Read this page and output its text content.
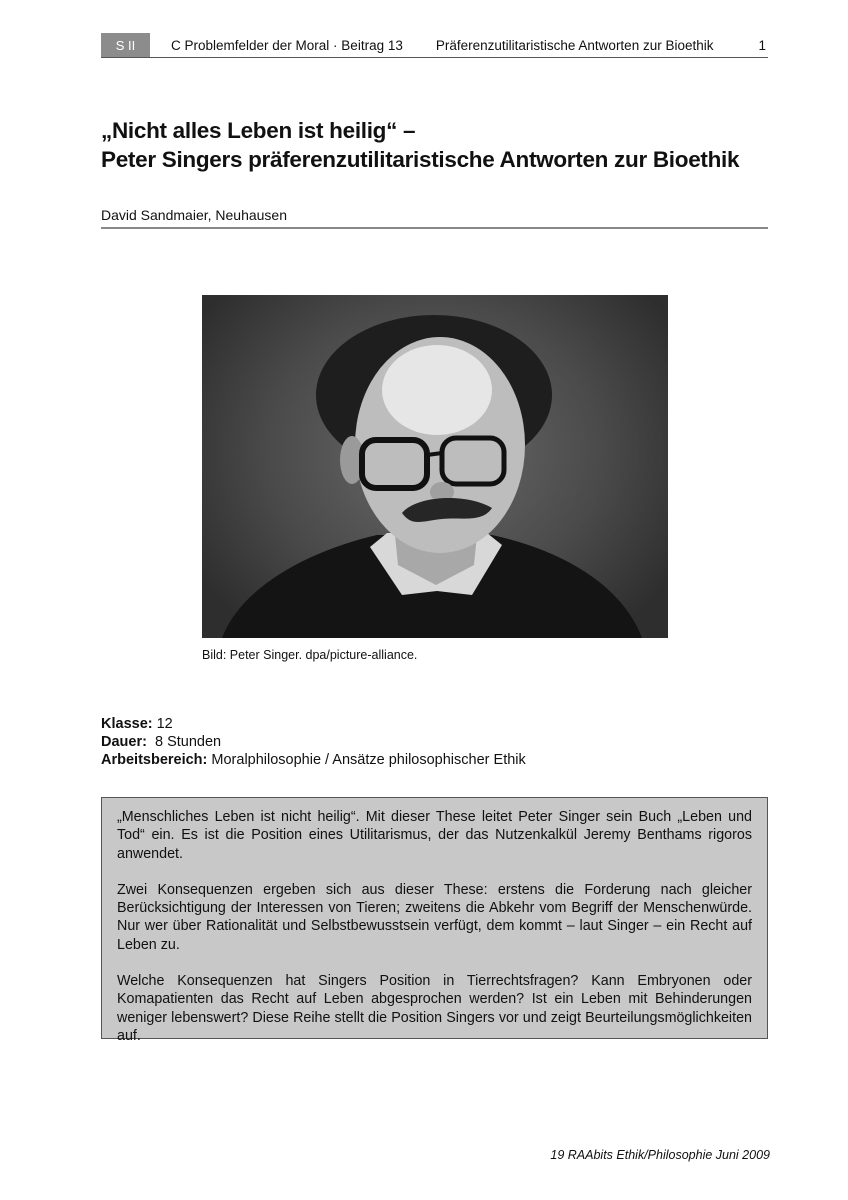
S II	C Problemfelder der Moral · Beitrag 13 Präferenzutilitaristische Antworten zur Bioethik	1
„Nicht alles Leben ist heilig“ –
Peter Singers präferenzutilitaristische Antworten zur Bioethik
David Sandmaier, Neuhausen
Bild: Peter Singer. dpa/picture-alliance.
Klasse: 12
Dauer:  8 Stunden
Arbeitsbereich: Moralphilosophie / Ansätze philosophischer Ethik

„Menschliches Leben ist nicht heilig“. Mit dieser These leitet Peter Singer sein Buch „Leben und Tod“ ein. Es ist die Position eines Utilitarismus, der das Nutzenkalkül Jeremy Benthams rigoros anwendet.

Zwei Konsequenzen ergeben sich aus dieser These: erstens die Forderung nach gleicher Berücksichtigung der Interessen von Tieren; zweitens die Abkehr vom Begriff der Menschenwürde. Nur wer über Rationalität und Selbstbewusstsein verfügt, dem kommt – laut Singer – ein Recht auf Leben zu.

Welche Konsequenzen hat Singers Position in Tierrechtsfragen? Kann Embryonen oder Komapatienten das Recht auf Leben abgesprochen werden? Ist ein Leben mit Behinderungen weniger lebenswert? Diese Reihe stellt die Position Singers vor und zeigt Beurteilungsmöglichkeiten auf.

19 RAAbits Ethik/Philosophie Juni 2009
